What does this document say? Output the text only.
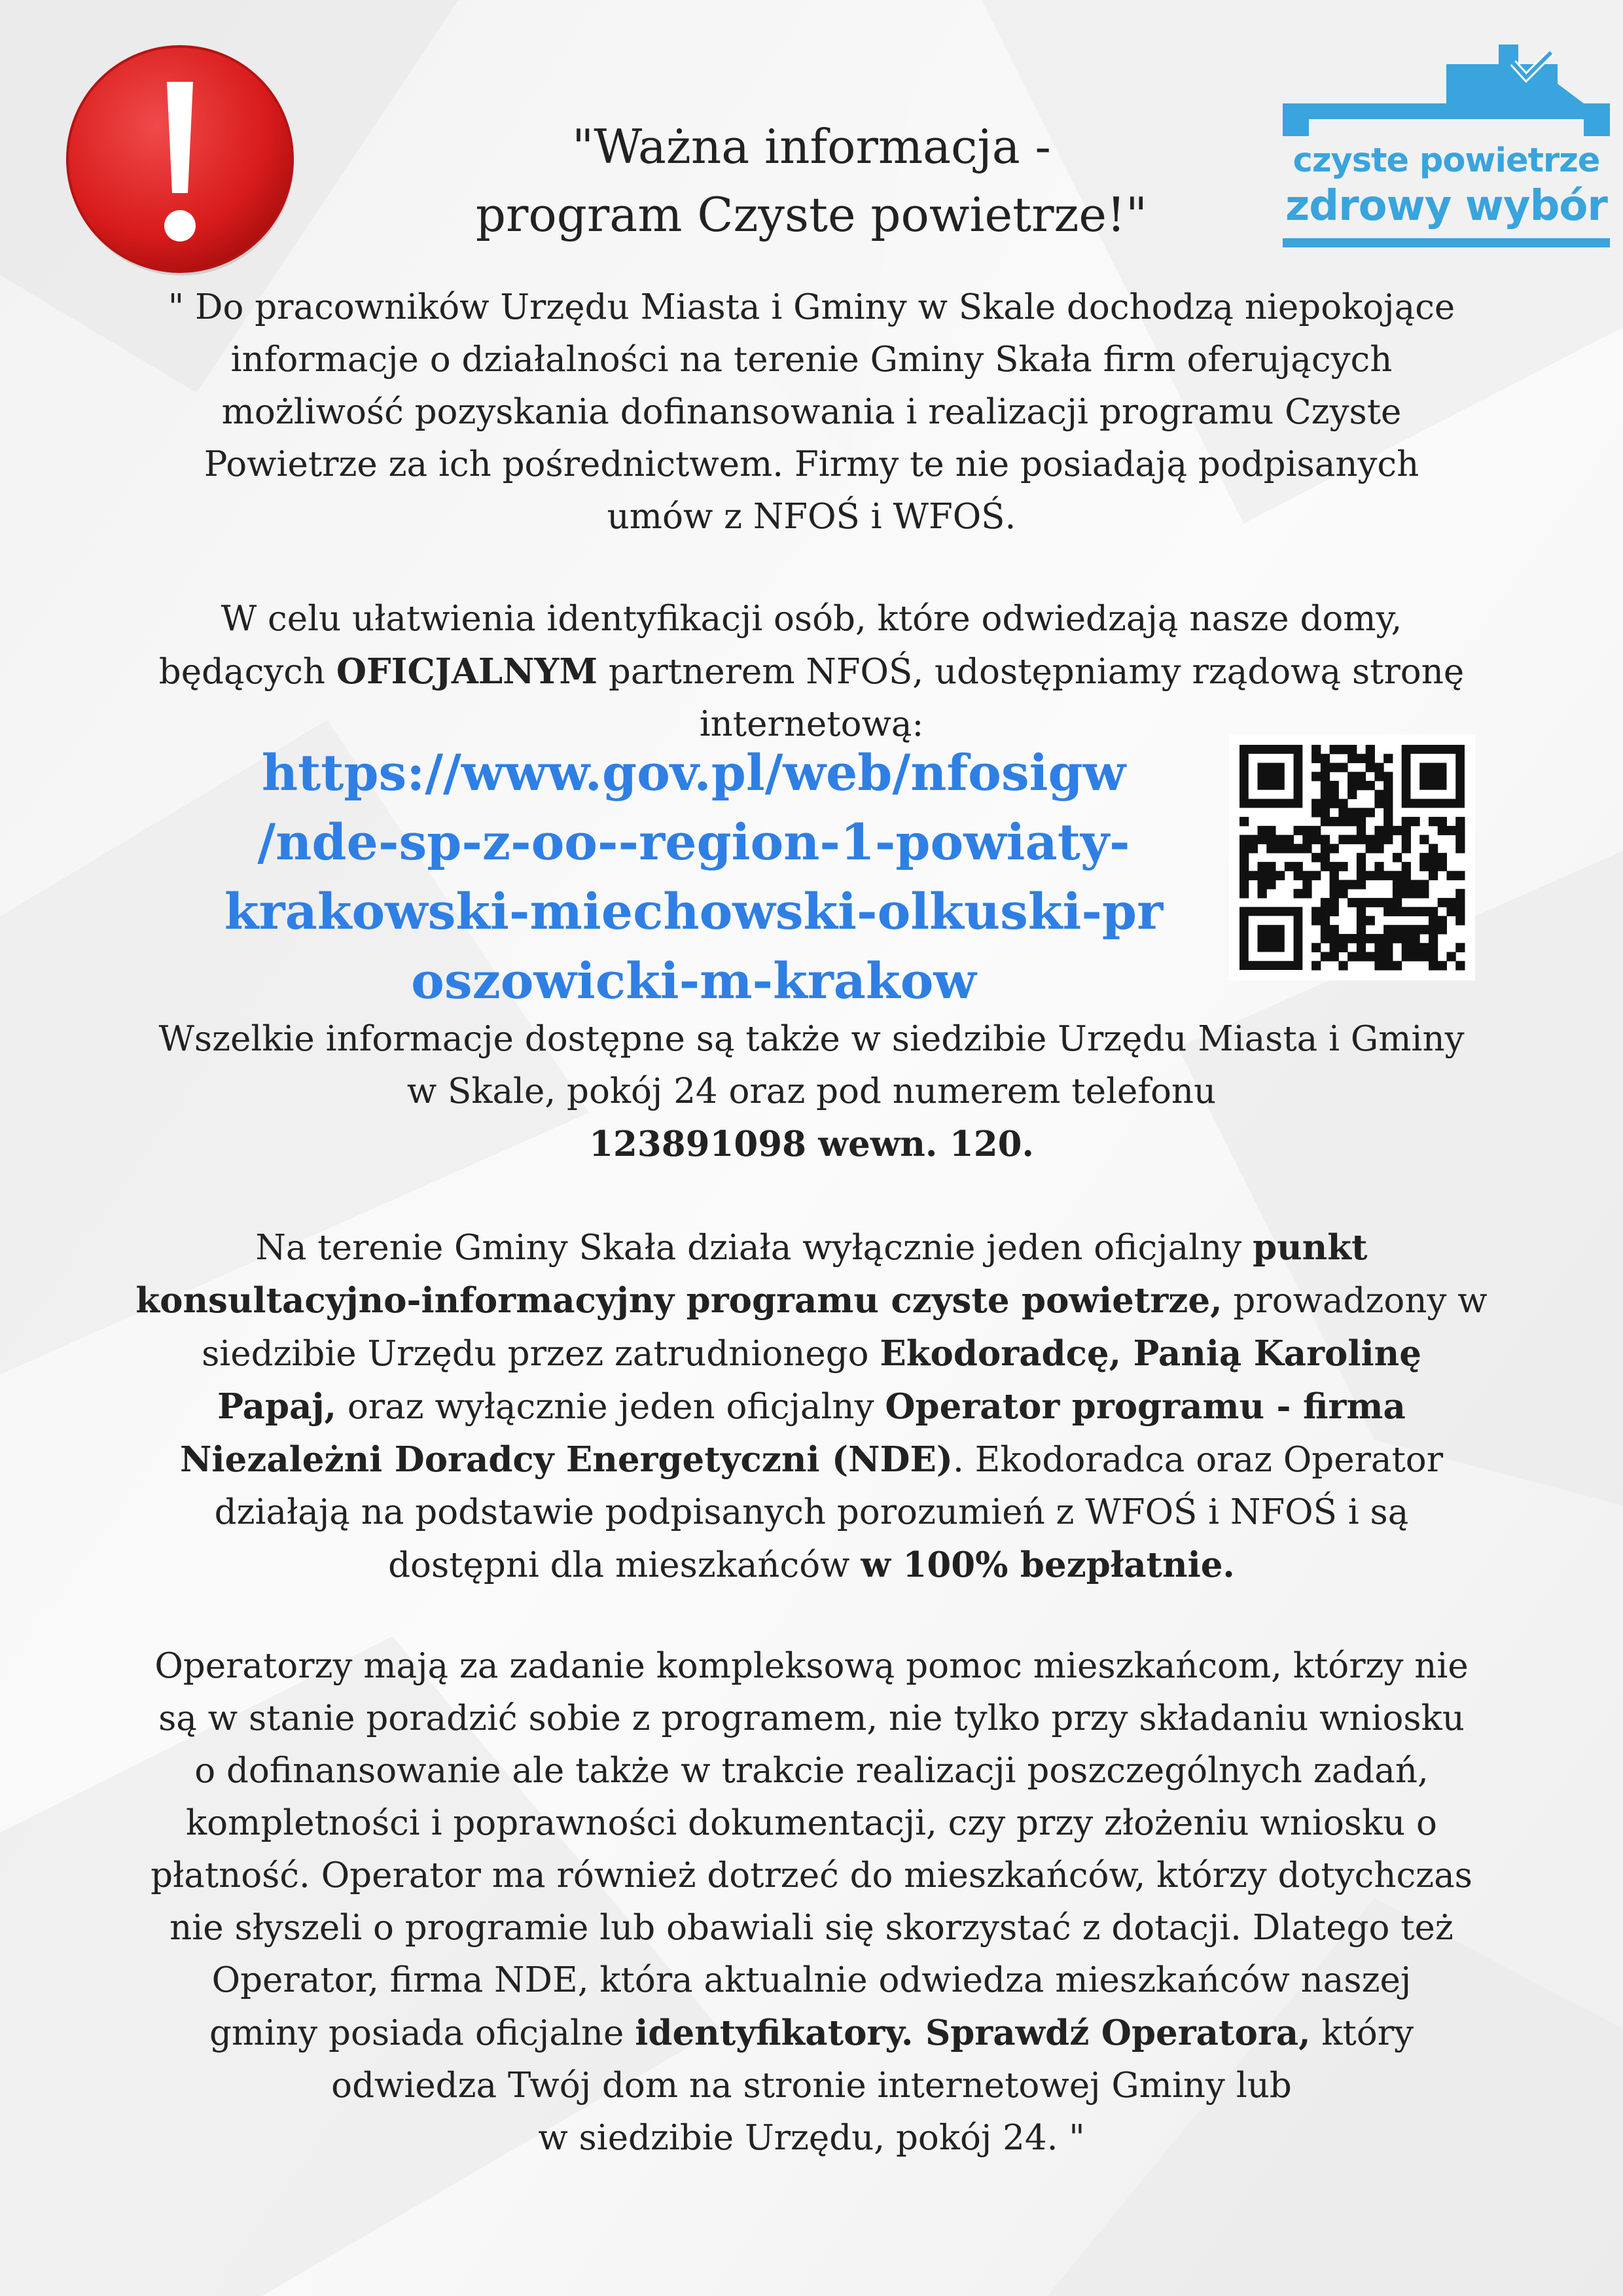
"Ważna informacja -
program Czyste powietrze!"
czyste powietrze
zdrowy wybór
" Do pracowników Urzędu Miasta i Gminy w Skale dochodzą niepokojące
informacje o działalności na terenie Gminy Skała firm oferujących
możliwość pozyskania dofinansowania i realizacji programu Czyste
Powietrze za ich pośrednictwem. Firmy te nie posiadają podpisanych
umów z NFOŚ i WFOŚ.
W celu ułatwienia identyfikacji osób, które odwiedzają nasze domy,
będących OFICJALNYM partnerem NFOŚ, udostępniamy rządową stronę
internetową:
https://www.gov.pl/web/nfosigw
/nde-sp-z-oo--region-1-powiaty-
krakowski-miechowski-olkuski-pr
oszowicki-m-krakow
Wszelkie informacje dostępne są także w siedzibie Urzędu Miasta i Gminy
w Skale, pokój 24 oraz pod numerem telefonu
123891098 wewn. 120.
Na terenie Gminy Skała działa wyłącznie jeden oficjalny punkt
konsultacyjno-informacyjny programu czyste powietrze, prowadzony w
siedzibie Urzędu przez zatrudnionego Ekodoradcę, Panią Karolinę
Papaj, oraz wyłącznie jeden oficjalny Operator programu - firma
Niezależni Doradcy Energetyczni (NDE). Ekodoradca oraz Operator
działają na podstawie podpisanych porozumień z WFOŚ i NFOŚ i są
dostępni dla mieszkańców w 100% bezpłatnie.
Operatorzy mają za zadanie kompleksową pomoc mieszkańcom, którzy nie
są w stanie poradzić sobie z programem, nie tylko przy składaniu wniosku
o dofinansowanie ale także w trakcie realizacji poszczególnych zadań,
kompletności i poprawności dokumentacji, czy przy złożeniu wniosku o
płatność. Operator ma również dotrzeć do mieszkańców, którzy dotychczas
nie słyszeli o programie lub obawiali się skorzystać z dotacji. Dlatego też
Operator, firma NDE, która aktualnie odwiedza mieszkańców naszej
gminy posiada oficjalne identyfikatory. Sprawdź Operatora, który
odwiedza Twój dom na stronie internetowej Gminy lub
w siedzibie Urzędu, pokój 24. "
